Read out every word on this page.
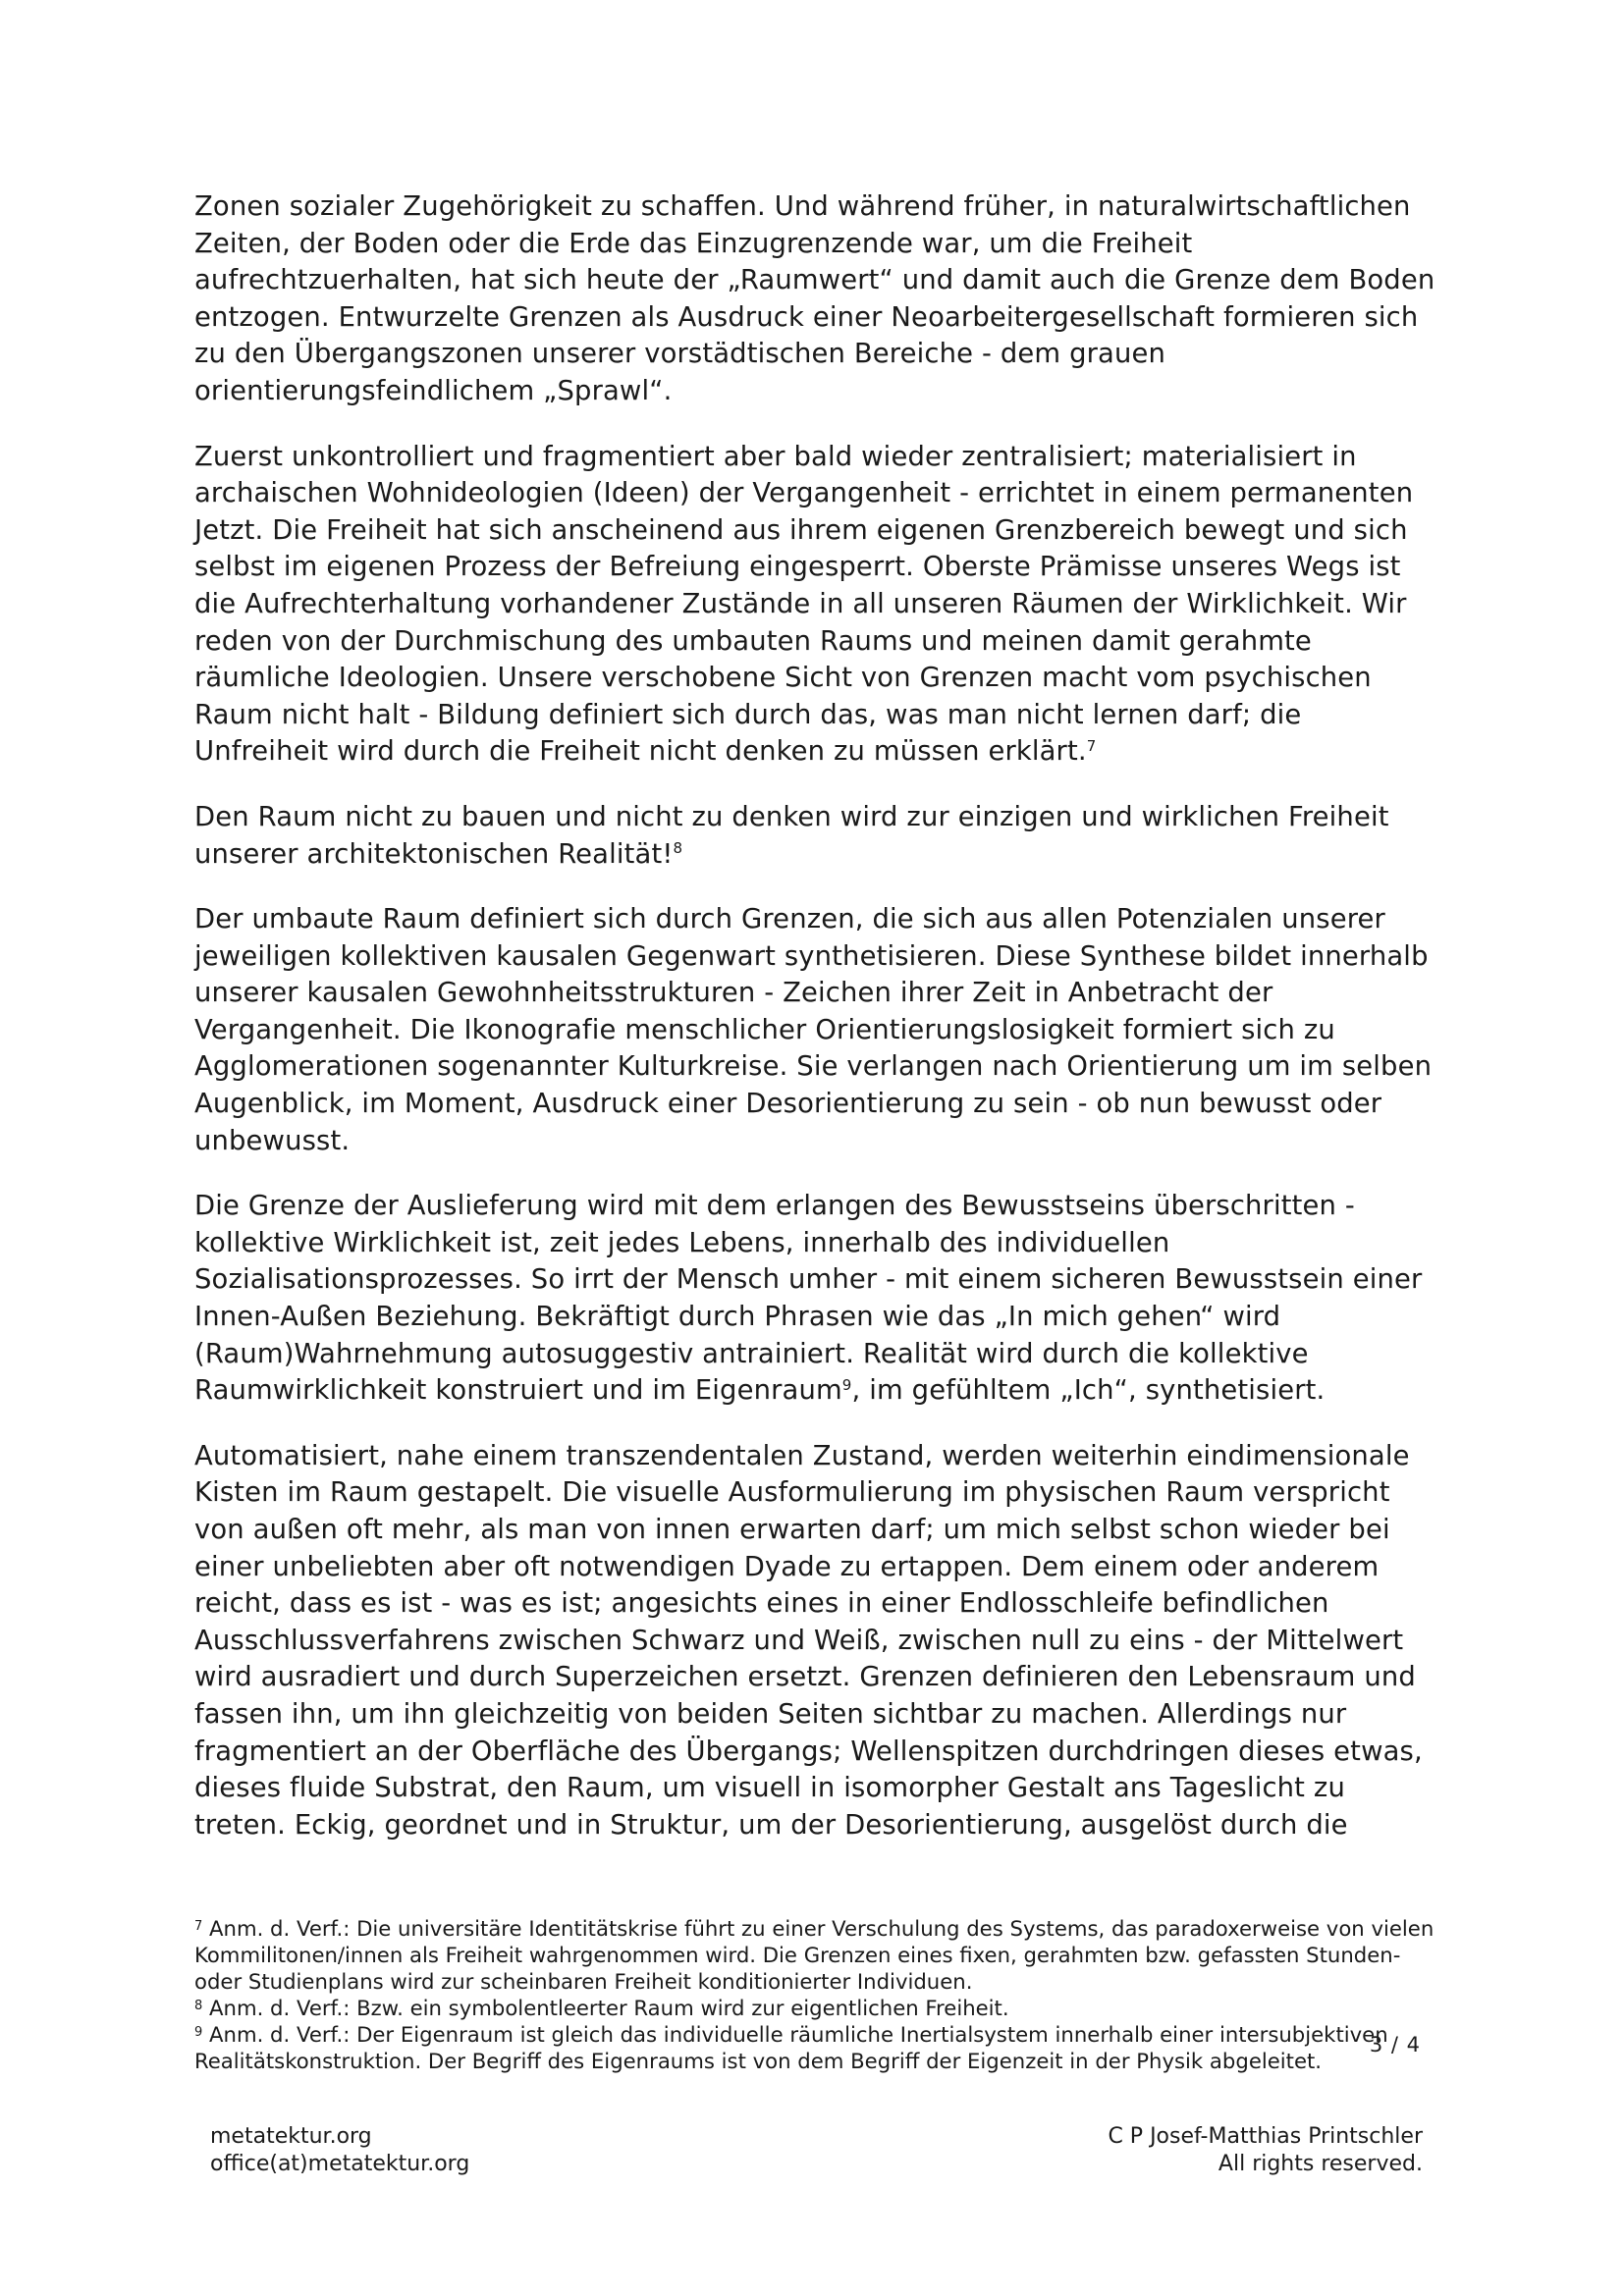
Zonen sozialer Zugehörigkeit zu schaffen. Und während früher, in naturalwirtschaftlichen Zeiten, der Boden oder die Erde das Einzugrenzende war, um die Freiheit aufrechtzuerhalten, hat sich heute der „Raumwert“ und damit auch die Grenze dem Boden entzogen. Entwurzelte Grenzen als Ausdruck einer Neoarbeitergesellschaft formieren sich zu den Übergangszonen unserer vorstädtischen Bereiche - dem grauen orientierungsfeindlichem „Sprawl“.

Zuerst unkontrolliert und fragmentiert aber bald wieder zentralisiert; materialisiert in archaischen Wohnideologien (Ideen) der Vergangenheit - errichtet in einem permanenten Jetzt. Die Freiheit hat sich anscheinend aus ihrem eigenen Grenzbereich bewegt und sich selbst im eigenen Prozess der Befreiung eingesperrt. Oberste Prämisse unseres Wegs ist die Aufrechterhaltung vorhandener Zustände in all unseren Räumen der Wirklichkeit. Wir reden von der Durchmischung des umbauten Raums und meinen damit gerahmte räumliche Ideologien. Unsere verschobene Sicht von Grenzen macht vom psychischen Raum nicht halt - Bildung definiert sich durch das, was man nicht lernen darf; die Unfreiheit wird durch die Freiheit nicht denken zu müssen erklärt.$^7$

Den Raum nicht zu bauen und nicht zu denken wird zur einzigen und wirklichen Freiheit unserer architektonischen Realität!$^8$

Der umbaute Raum definiert sich durch Grenzen, die sich aus allen Potenzialen unserer jeweiligen kollektiven kausalen Gegenwart synthetisieren. Diese Synthese bildet innerhalb unserer kausalen Gewohnheitsstrukturen - Zeichen ihrer Zeit in Anbetracht der Vergangenheit. Die Ikonografie menschlicher Orientierungslosigkeit formiert sich zu Agglomerationen sogenannter Kulturkreise. Sie verlangen nach Orientierung um im selben Augenblick, im Moment, Ausdruck einer Desorientierung zu sein - ob nun bewusst oder unbewusst.

Die Grenze der Auslieferung wird mit dem erlangen des Bewusstseins überschritten - kollektive Wirklichkeit ist, zeit jedes Lebens, innerhalb des individuellen Sozialisationsprozesses. So irrt der Mensch umher - mit einem sicheren Bewusstsein einer Innen-Außen Beziehung. Bekräftigt durch Phrasen wie das „In mich gehen“ wird (Raum)Wahrnehmung autosuggestiv antrainiert. Realität wird durch die kollektive Raumwirklichkeit konstruiert und im Eigenraum$^9$, im gefühltem „Ich“, synthetisiert.

Automatisiert, nahe einem transzendentalen Zustand, werden weiterhin eindimensionale Kisten im Raum gestapelt. Die visuelle Ausformulierung im physischen Raum verspricht von außen oft mehr, als man von innen erwarten darf; um mich selbst schon wieder bei einer unbeliebten aber oft notwendigen Dyade zu ertappen. Dem einem oder anderem reicht, dass es ist - was es ist; angesichts eines in einer Endlosschleife befindlichen Ausschlussverfahrens zwischen Schwarz und Weiß, zwischen null zu eins - der Mittelwert wird ausradiert und durch Superzeichen ersetzt. Grenzen definieren den Lebensraum und fassen ihn, um ihn gleichzeitig von beiden Seiten sichtbar zu machen. Allerdings nur fragmentiert an der Oberfläche des Übergangs; Wellenspitzen durchdringen dieses etwas, dieses fluide Substrat, den Raum, um visuell in isomorpher Gestalt ans Tageslicht zu treten. Eckig, geordnet und in Struktur, um der Desorientierung, ausgelöst durch die

$^7$ Anm. d. Verf.: Die universitäre Identitätskrise führt zu einer Verschulung des Systems, das paradoxerweise von vielen Kommilitonen/innen als Freiheit wahrgenommen wird. Die Grenzen eines fixen, gerahmten bzw. gefassten Stunden- oder Studienplans wird zur scheinbaren Freiheit konditionierter Individuen.
$^8$ Anm. d. Verf.: Bzw. ein symbolentleerter Raum wird zur eigentlichen Freiheit.
$^9$ Anm. d. Verf.: Der Eigenraum ist gleich das individuelle räumliche Inertialsystem innerhalb einer intersubjektiven Realitätskonstruktion. Der Begriff des Eigenraums ist von dem Begriff der Eigenzeit in der Physik abgeleitet.
3 / 4
metatektur.org
office(at)metatektur.org
C P Josef-Matthias Printschler
All rights reserved.
